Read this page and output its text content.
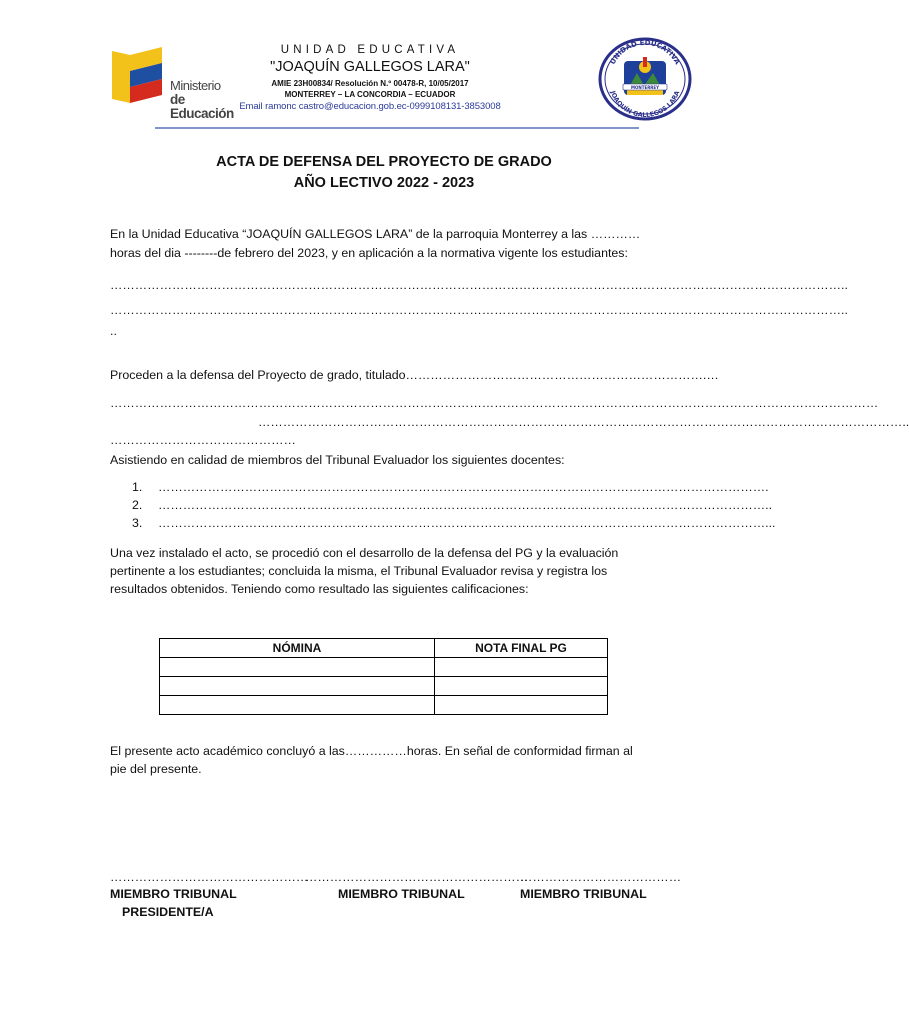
Ministerio
de Educación
UNIDAD EDUCATIVA
"JOAQUÍN GALLEGOS LARA"
AMIE 23H00834/ Resolución N.º 00478-R, 10/05/2017
MONTERREY – LA CONCORDIA – ECUADOR
Email ramonc castro@educacion.gob.ec-0999108131-3853008
UNIDAD EDUCATIVA
JOAQUÍN GALLEGOS LARA
MONTERREY
ACTA DE DEFENSA DEL PROYECTO DE GRADO
AÑO LECTIVO 2022 - 2023
En la Unidad Educativa “JOAQUÍN GALLEGOS LARA” de la parroquia Monterrey a las …………
horas del dia --------de febrero del 2023, y en aplicación a la normativa vigente los estudiantes:
……………………………………………………………………………………………………………………………………………………………..
……………………………………………………………………………………………………………………………………………………………..
..
Proceden a la defensa del Proyecto de grado, titulado……………………………………………………………….…
……………………………………………………………………………………………………………………………………………………………………
…………………………………………………………………………………………………………………………………………..
………………………………………
Asistiendo en calidad de miembros del Tribunal Evaluador los siguientes docentes:
1. ………………………………………………………………………………………………………………………………….
2. …………………………………………………………………………………………………………………………………..
3. …………………………………………………………………………………………………………………………………...
Una vez instalado el acto, se procedió con el desarrollo de la defensa del PG y la evaluación pertinente a los estudiantes; concluida la misma, el Tribunal Evaluador revisa y registra los resultados obtenidos. Teniendo como resultado las siguientes calificaciones:
NÓMINA	NOTA FINAL PG

El presente acto académico concluyó a las……………horas. En señal de conformidad firman al pie del presente.
…………………………………………
………………………………………………
…………………………………
MIEMBRO TRIBUNAL
PRESIDENTE/A
MIEMBRO TRIBUNAL	MIEMBRO TRIBUNAL
